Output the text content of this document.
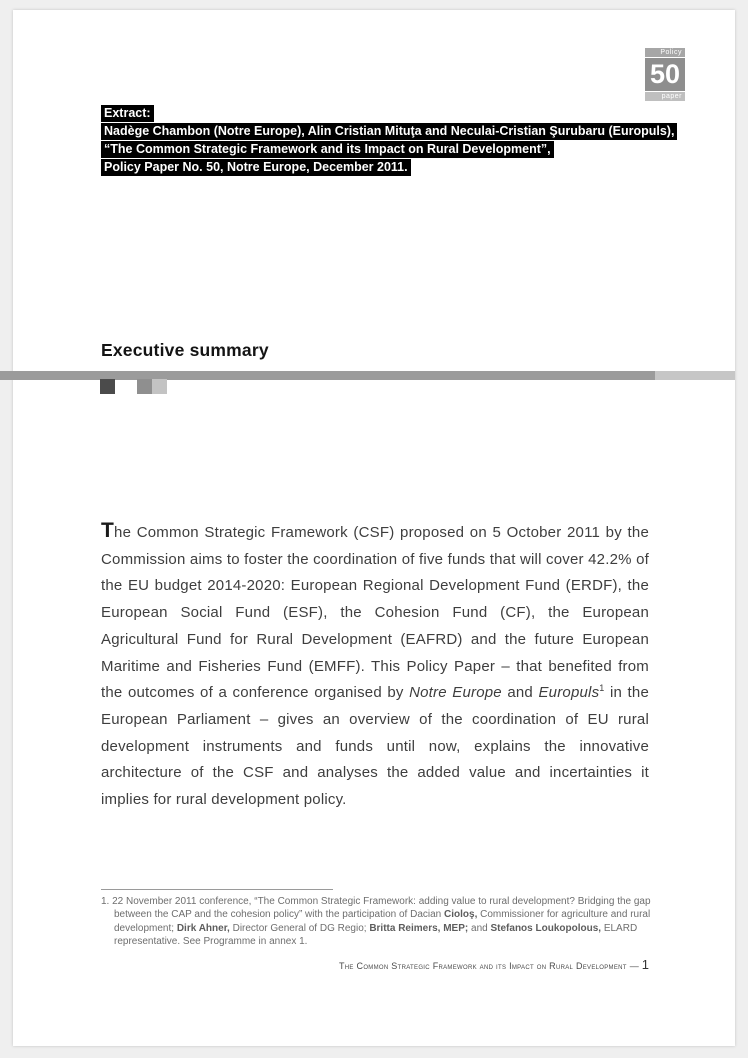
Policy
50
paper
Extract:
Nadège Chambon (Notre Europe), Alin Cristian Mituţa and Neculai-Cristian Şurubaru (Europuls),
“The Common Strategic Framework and its Impact on Rural Development”,
Policy Paper No. 50, Notre Europe, December 2011.
Executive summary

The Common Strategic Framework (CSF) proposed on 5 October 2011 by the Commission aims to foster the coordination of five funds that will cover 42.2% of the EU budget 2014-2020: European Regional Development Fund (ERDF), the European Social Fund (ESF), the Cohesion Fund (CF), the European Agricultural Fund for Rural Development (EAFRD) and the future European Maritime and Fisheries Fund (EMFF). This Policy Paper – that benefited from the outcomes of a conference organised by Notre Europe and Europuls$^1$ in the European Parliament – gives an overview of the coordination of EU rural development instruments and funds until now, explains the innovative architecture of the CSF and analyses the added value and incertainties it implies for rural development policy.

1. 22 November 2011 conference, “The Common Strategic Framework: adding value to rural development? Bridging the gap between the CAP and the cohesion policy” with the participation of Dacian Cioloş, Commissioner for agriculture and rural development; Dirk Ahner, Director General of DG Regio; Britta Reimers, MEP; and Stefanos Loukopolous, ELARD representative. See Programme in annex 1.

The Common Strategic Framework and its Impact on Rural Development — 1
